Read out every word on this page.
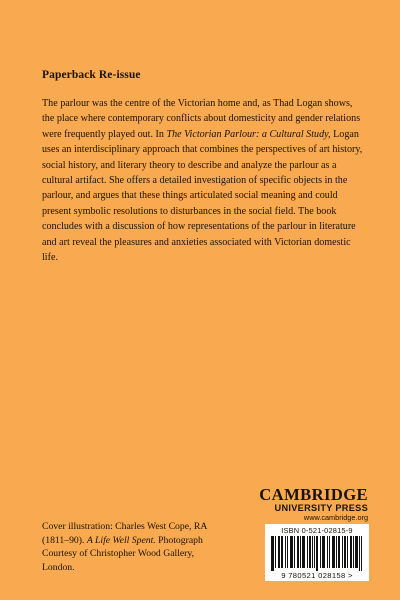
Paperback Re-issue

The parlour was the centre of the Victorian home and, as Thad Logan shows, the place where contemporary conflicts about domesticity and gender relations were frequently played out. In The Victorian Parlour: a Cultural Study, Logan uses an interdisciplinary approach that combines the perspectives of art history, social history, and literary theory to describe and analyze the parlour as a cultural artifact. She offers a detailed investigation of specific objects in the parlour, and argues that these things articulated social meaning and could present symbolic resolutions to disturbances in the social field. The book concludes with a discussion of how representations of the parlour in literature and art reveal the pleasures and anxieties associated with Victorian domestic life.

CAMBRIDGE
UNIVERSITY PRESS
www.cambridge.org
ISBN 0-521-02815-9
9 780521 028158 >

Cover illustration: Charles West Cope, RA (1811–90). A Life Well Spent. Photograph Courtesy of Christopher Wood Gallery, London.
